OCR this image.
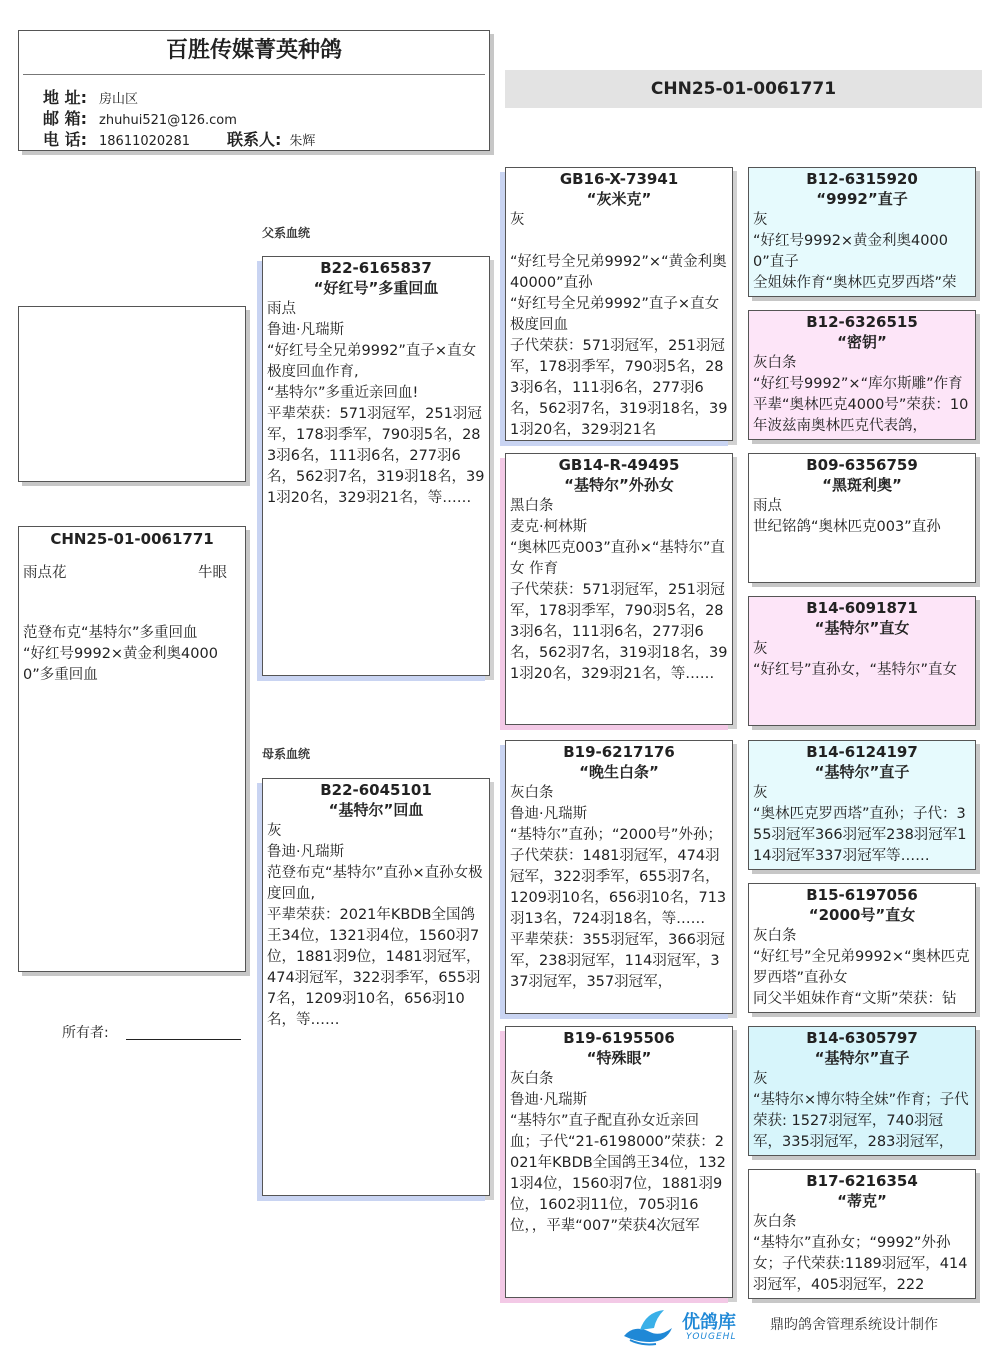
百胜传媒菁英种鸽
地 址: 房山区
邮 箱: zhuhui521@126.com
电 话: 18611020281 联系人: 朱辉
CHN25-01-0061771
CHN25-01-0061771
雨点花	牛眼
范登布克“基特尔”多重回血
“好红号9992×黄金利奥40000”多重回血
所有者:
父系血统
母系血统
B22-6165837
“好红号”多重回血
雨点
鲁迪·凡瑞斯
“好红号全兄弟9992”直子×直女极度回血作育,
“基特尔”多重近亲回血!
平辈荣获：571羽冠军，251羽冠军，178羽季军，790羽5名，283羽6名，111羽6名，277羽6名，562羽7名，319羽18名，391羽20名，329羽21名，等……
B22-6045101
“基特尔”回血
灰
鲁迪·凡瑞斯
范登布克“基特尔”直孙×直孙女极度回血,
平辈荣获：2021年KBDB全国鸽王34位，1321羽4位，1560羽7位，1881羽9位，1481羽冠军，474羽冠军，322羽季军，655羽7名，1209羽10名，656羽10名，等……
GB16-X-73941
“灰米克”
灰

“好红号全兄弟9992”×“黄金利奥40000”直孙
“好红号全兄弟9992”直子×直女极度回血
子代荣获：571羽冠军，251羽冠军，178羽季军，790羽5名，283羽6名，111羽6名，277羽6名，562羽7名，319羽18名，391羽20名，329羽21名
GB14-R-49495
“基特尔”外孙女
黑白条
麦克·柯林斯
“奥林匹克003”直孙×“基特尔”直女 作育
子代荣获：571羽冠军，251羽冠军，178羽季军，790羽5名，283羽6名，111羽6名，277羽6名，562羽7名，319羽18名，391羽20名，329羽21名，等……
B19-6217176
“晚生白条”
灰白条
鲁迪·凡瑞斯
“基特尔”直孙；“2000号”外孙；子代荣获：1481羽冠军，474羽冠军，322羽季军，655羽7名，1209羽10名，656羽10名，713羽13名，724羽18名，等……
平辈荣获：355羽冠军，366羽冠军，238羽冠军，114羽冠军，337羽冠军，357羽冠军，
B19-6195506
“特殊眼”
灰白条
鲁迪·凡瑞斯
“基特尔”直子配直孙女近亲回血；子代“21-6198000”荣获：2021年KBDB全国鸽王34位，1321羽4位，1560羽7位，1881羽9位，1602羽11位，705羽16位，，平辈“007”荣获4次冠军
B12-6315920
“9992”直子
灰
“好红号9992×黄金利奥40000”直子
全姐妹作育“奥林匹克罗西塔”荣
B12-6326515
“密钥”
灰白条
“好红号9992”×“库尔斯雕”作育
平辈“奥林匹克4000号”荣获：10年波兹南奥林匹克代表鸽，
B09-6356759
“黑斑利奥”
雨点
世纪铭鸽“奥林匹克003”直孙
B14-6091871
“基特尔”直女
灰
“好红号”直孙女，“基特尔”直女
B14-6124197
“基特尔”直子
灰
“奥林匹克罗西塔”直孙；子代：355羽冠军366羽冠军238羽冠军114羽冠军337羽冠军等……
B15-6197056
“2000号”直女
灰白条
“好红号”全兄弟9992×“奥林匹克罗西塔”直孙女
同父半姐妹作育“文斯”荣获：钻
B14-6305797
“基特尔”直子
灰
“基特尔×博尔特全妹”作育；子代荣获: 1527羽冠军，740羽冠军，335羽冠军，283羽冠军，
B17-6216354
“蒂克”
灰白条
“基特尔”直孙女；“9992”外孙女；子代荣获:1189羽冠军，414羽冠军，405羽冠军，222
优鸽库
YOUGEHL
鼎昀鸽舍管理系统设计制作
